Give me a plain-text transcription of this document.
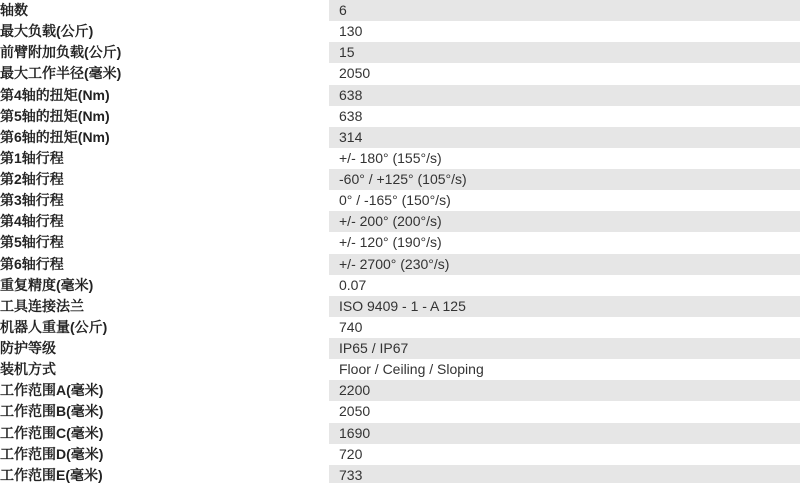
轴数	6
最大负载(公斤)	130
前臂附加负载(公斤)	15
最大工作半径(毫米)	2050
第4轴的扭矩(Nm)	638
第5轴的扭矩(Nm)	638
第6轴的扭矩(Nm)	314
第1轴行程	+/- 180° (155°/s)
第2轴行程	-60° / +125° (105°/s)
第3轴行程	0° / -165° (150°/s)
第4轴行程	+/- 200° (200°/s)
第5轴行程	+/- 120° (190°/s)
第6轴行程	+/- 2700° (230°/s)
重复精度(毫米)	0.07
工具连接法兰	ISO 9409 - 1 - A 125
机器人重量(公斤)	740
防护等级	IP65 / IP67
装机方式	Floor / Ceiling / Sloping
工作范围A(毫米)	2200
工作范围B(毫米)	2050
工作范围C(毫米)	1690
工作范围D(毫米)	720
工作范围E(毫米)	733
